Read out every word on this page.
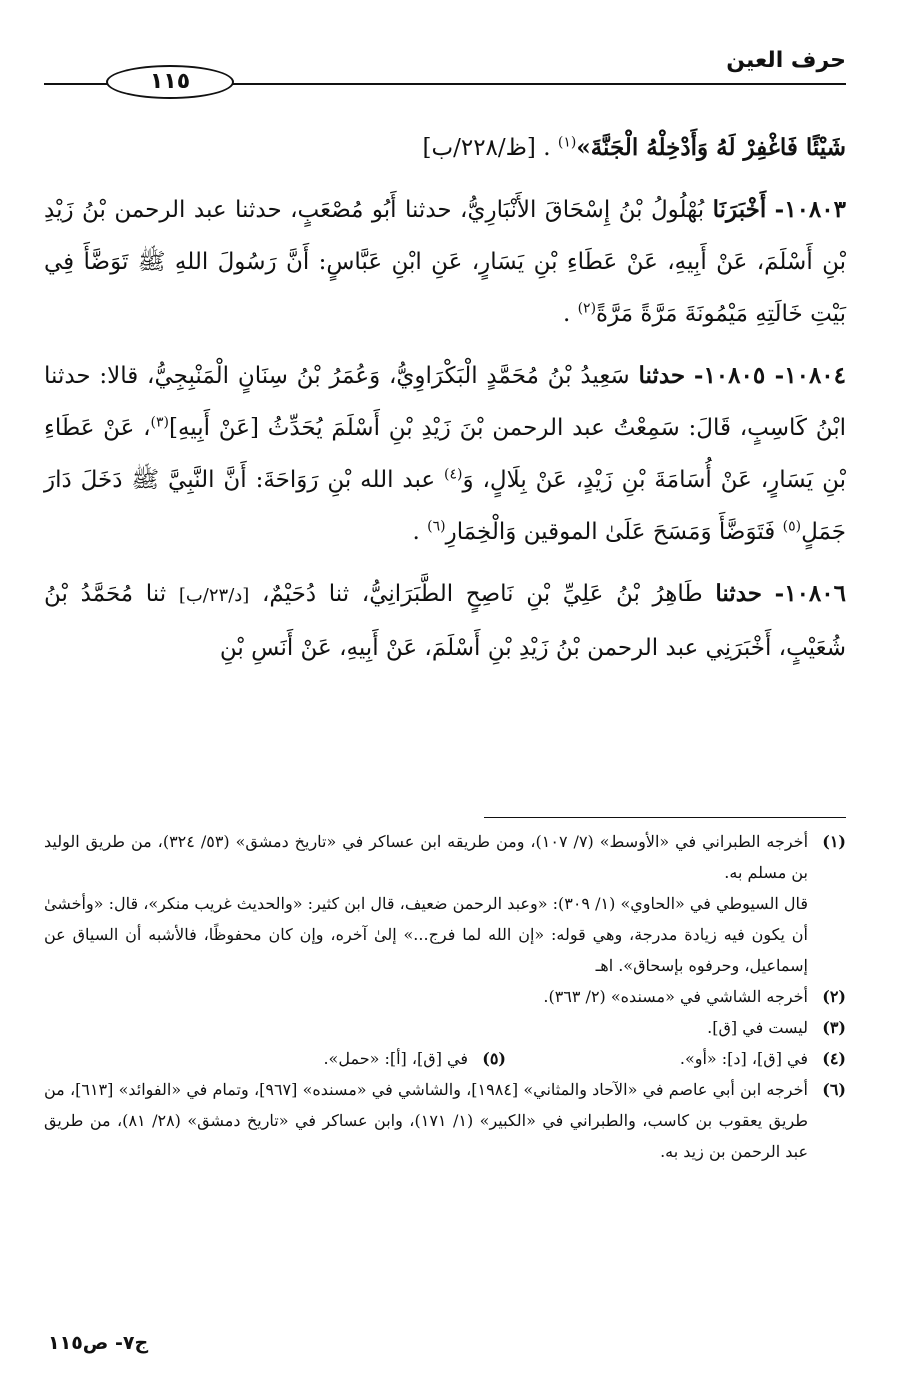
حرف العين
١١٥

شَيْئًا فَاغْفِرْ لَهُ وَأَدْخِلْهُ الْجَنَّةَ»$^{(١)}$ . [ظ/٢٢٨/ب]

١٠٨٠٣- أَخْبَرَنَا بُهْلُولُ بْنُ إِسْحَاقَ الأَنْبَارِيُّ، حدثنا أَبُو مُصْعَبٍ، حدثنا عبد الرحمن بْنُ زَيْدِ بْنِ أَسْلَمَ، عَنْ أَبِيهِ، عَنْ عَطَاءِ بْنِ يَسَارٍ، عَنِ ابْنِ عَبَّاسٍ: أَنَّ رَسُولَ اللهِ ﷺ تَوَضَّأَ فِي بَيْتِ خَالَتِهِ مَيْمُونَةَ مَرَّةً مَرَّةً$^{(٢)}$ .

١٠٨٠٤- ١٠٨٠٥- حدثنا سَعِيدُ بْنُ مُحَمَّدٍ الْبَكْرَاوِيُّ، وَعُمَرُ بْنُ سِنَانٍ الْمَنْبِجِيُّ، قالا: حدثنا ابْنُ كَاسِبٍ، قَالَ: سَمِعْتُ عبد الرحمن بْنَ زَيْدِ بْنِ أَسْلَمَ يُحَدِّثُ [عَنْ أَبِيهِ]$^{(٣)}$، عَنْ عَطَاءِ بْنِ يَسَارٍ، عَنْ أُسَامَةَ بْنِ زَيْدٍ، عَنْ بِلَالٍ، وَ$^{(٤)}$ عبد الله بْنِ رَوَاحَةَ: أَنَّ النَّبِيَّ ﷺ دَخَلَ دَارَ جَمَلٍ$^{(٥)}$ فَتَوَضَّأَ وَمَسَحَ عَلَىٰ الموقين وَالْخِمَارِ$^{(٦)}$ .

١٠٨٠٦- حدثنا طَاهِرُ بْنُ عَلِيِّ بْنِ نَاصِحٍ الطَّبَرَانِيُّ، ثنا دُحَيْمٌ، [د/٢٣/ب] ثنا مُحَمَّدُ بْنُ شُعَيْبٍ، أَخْبَرَنِي عبد الرحمن بْنُ زَيْدِ بْنِ أَسْلَمَ، عَنْ أَبِيهِ، عَنْ أَنَسِ بْنِ

(١)
أخرجه الطبراني في «الأوسط» (٧/ ١٠٧)، ومن طريقه ابن عساكر في «تاريخ دمشق» (٥٣/ ٣٢٤)، من طريق الوليد بن مسلم به.
قال السيوطي في «الحاوي» (١/ ٣٠٩): «وعبد الرحمن ضعيف، قال ابن كثير: «والحديث غريب منكر»، قال: «وأخشىٰ أن يكون فيه زيادة مدرجة، وهي قوله: «إن الله لما فرج...» إلىٰ آخره، وإن كان محفوظًا، فالأشبه أن السياق عن إسماعيل، وحرفوه بإسحاق». اهـ
(٢)
أخرجه الشاشي في «مسنده» (٢/ ٣٦٣).
(٣)
ليست في [ق].
(٤)
في [ق]، [د]: «أو».
(٥)
في [ق]، [أ]: «حمل».
(٦)
أخرجه ابن أبي عاصم في «الآحاد والمثاني» [١٩٨٤]، والشاشي في «مسنده» [٩٦٧]، وتمام في «الفوائد» [٦١٣]، من طريق يعقوب بن كاسب، والطبراني في «الكبير» (١/ ١٧١)، وابن عساكر في «تاريخ دمشق» (٢٨/ ٨١)، من طريق عبد الرحمن بن زيد به.
ج٧- ص١١٥
